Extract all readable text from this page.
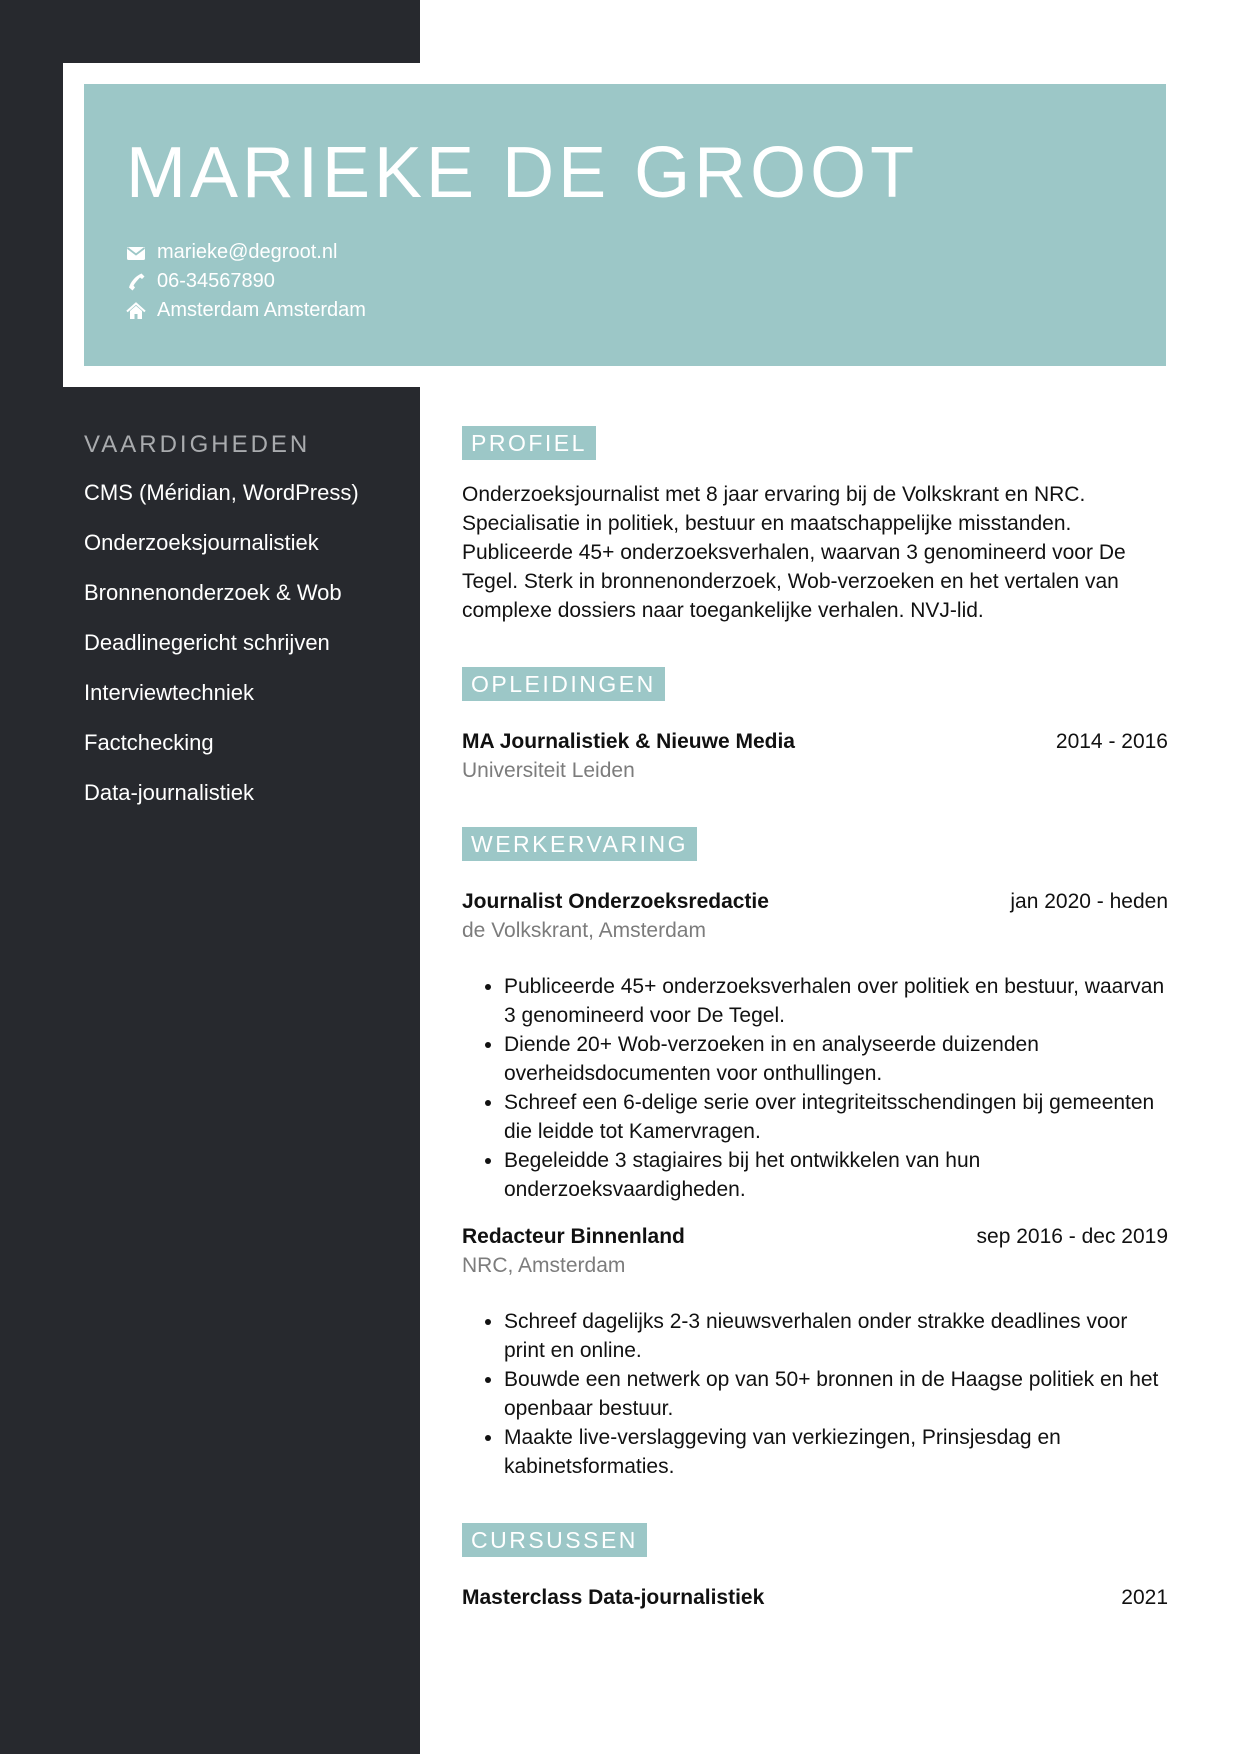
MARIEKE DE GROOT
marieke@degroot.nl
06-34567890
Amsterdam Amsterdam
VAARDIGHEDEN
CMS (Méridian, WordPress)
Onderzoeksjournalistiek
Bronnenonderzoek & Wob
Deadlinegericht schrijven
Interviewtechniek
Factchecking
Data-journalistiek
PROFIEL

Onderzoeksjournalist met 8 jaar ervaring bij de Volkskrant en NRC. Specialisatie in politiek, bestuur en maatschappelijke misstanden. Publiceerde 45+ onderzoeksverhalen, waarvan 3 genomineerd voor De Tegel. Sterk in bronnenonderzoek, Wob-verzoeken en het vertalen van complexe dossiers naar toegankelijke verhalen. NVJ-lid.

OPLEIDINGEN
MA Journalistiek & Nieuwe Media	2014 - 2016
Universiteit Leiden
WERKERVARING
Journalist Onderzoeksredactie	jan 2020 - heden
de Volkskrant, Amsterdam
• Publiceerde 45+ onderzoeksverhalen over politiek en bestuur, waarvan 3 genomineerd voor De Tegel.
• Diende 20+ Wob-verzoeken in en analyseerde duizenden overheidsdocumenten voor onthullingen.
• Schreef een 6-delige serie over integriteitsschendingen bij gemeenten die leidde tot Kamervragen.
• Begeleidde 3 stagiaires bij het ontwikkelen van hun onderzoeksvaardigheden.
Redacteur Binnenland	sep 2016 - dec 2019
NRC, Amsterdam
• Schreef dagelijks 2-3 nieuwsverhalen onder strakke deadlines voor print en online.
• Bouwde een netwerk op van 50+ bronnen in de Haagse politiek en het openbaar bestuur.
• Maakte live-verslaggeving van verkiezingen, Prinsjesdag en kabinetsformaties.
CURSUSSEN
Masterclass Data-journalistiek	2021
